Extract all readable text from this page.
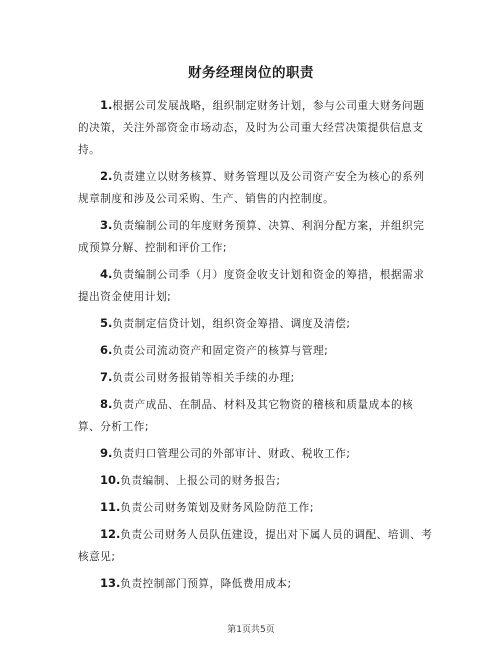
财务经理岗位的职责

1.根据公司发展战略，组织制定财务计划，参与公司重大财务问题的决策，关注外部资金市场动态，及时为公司重大经营决策提供信息支持。

2.负责建立以财务核算、财务管理以及公司资产安全为核心的系列规章制度和涉及公司采购、生产、销售的内控制度。

3.负责编制公司的年度财务预算、决算、利润分配方案，并组织完成预算分解、控制和评价工作;

4.负责编制公司季（月）度资金收支计划和资金的筹措，根据需求提出资金使用计划;

5.负责制定信贷计划，组织资金筹措、调度及清偿;

6.负责公司流动资产和固定资产的核算与管理;

7.负责公司财务报销等相关手续的办理;

8.负责产成品、在制品、材料及其它物资的稽核和质量成本的核算、分析工作;

9.负责归口管理公司的外部审计、财政、税收工作;

10.负责编制、上报公司的财务报告;

11.负责公司财务策划及财务风险防范工作;

12.负责公司财务人员队伍建设，提出对下属人员的调配、培训、考核意见;

13.负责控制部门预算，降低费用成本;

第1页共5页
